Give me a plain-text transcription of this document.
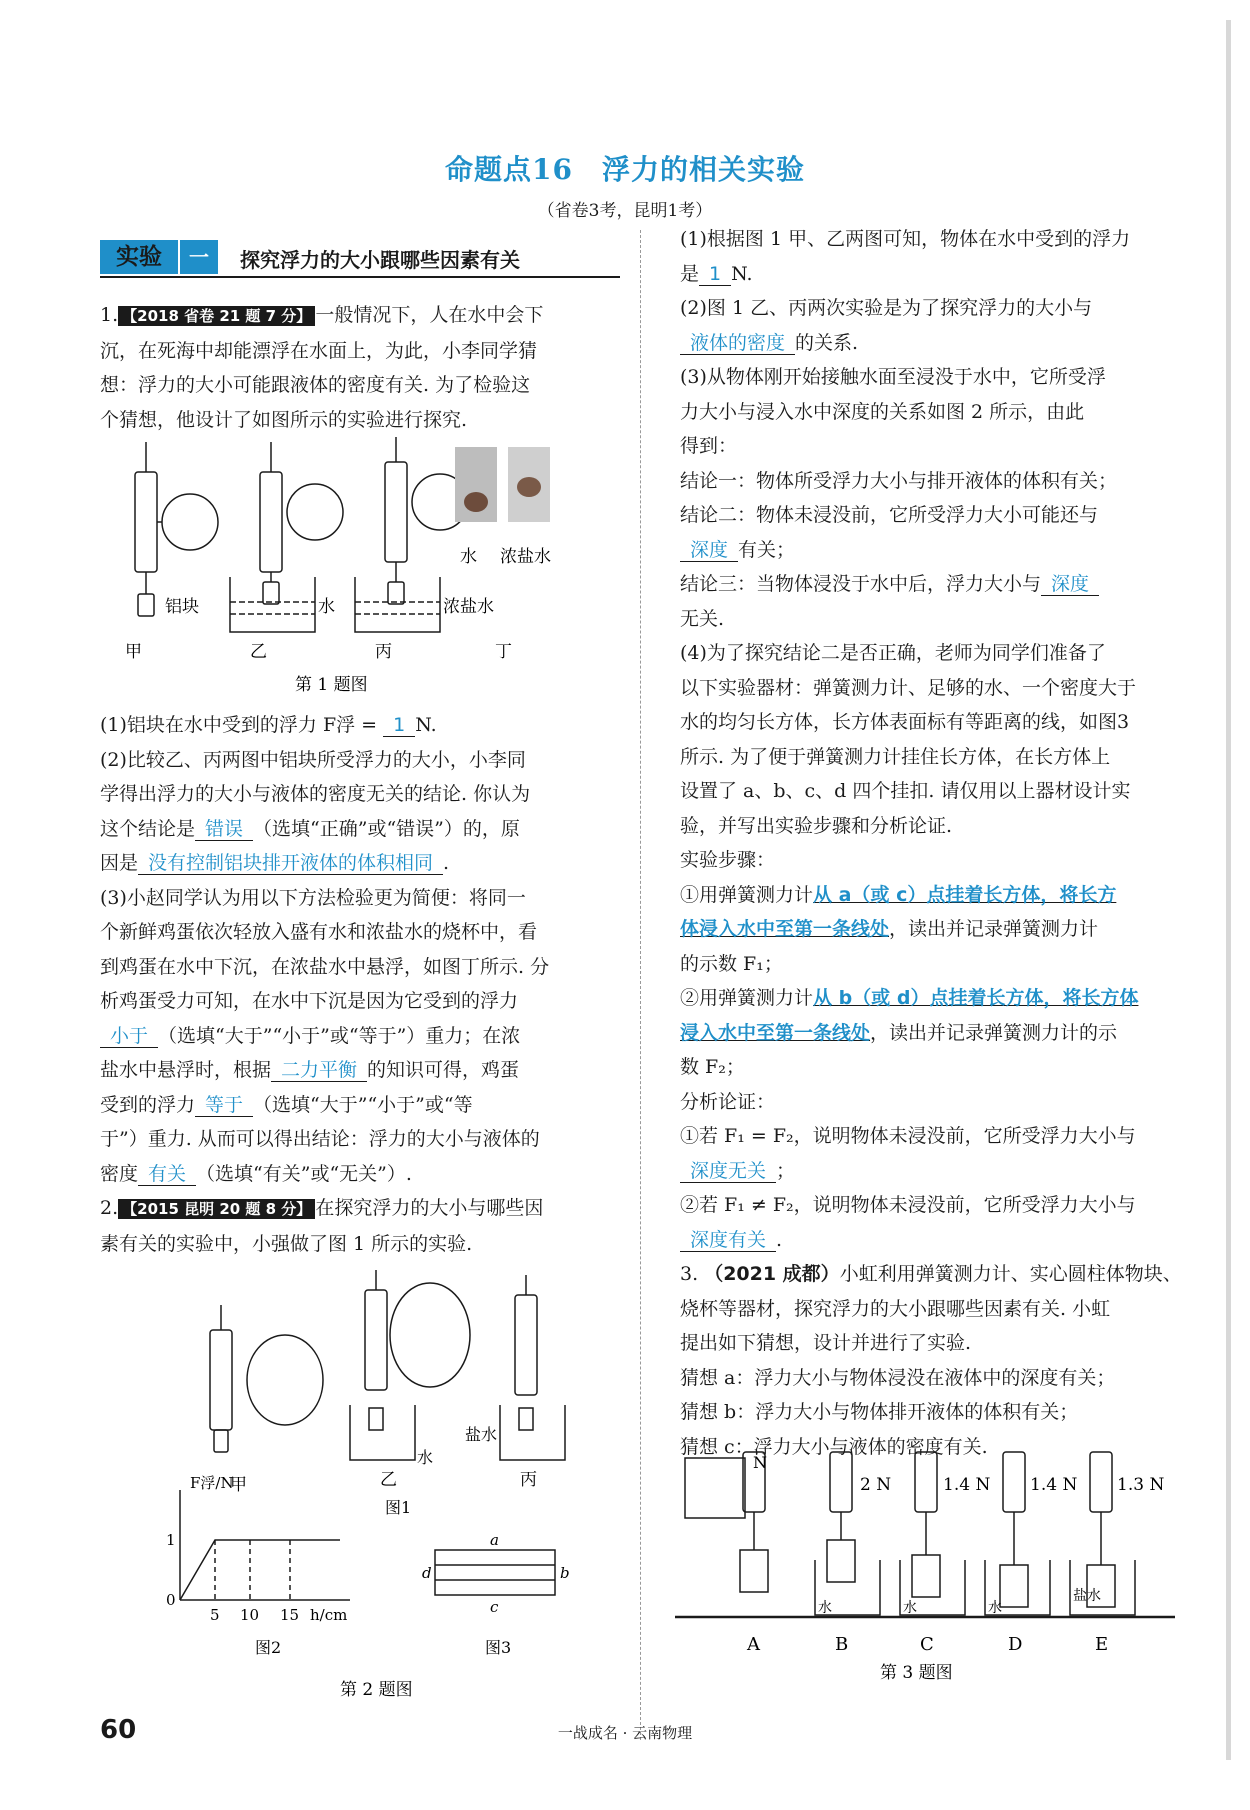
命题点16　浮力的相关实验
（省卷3考，昆明1考）
实验	一	探究浮力的大小跟哪些因素有关
1. 【2018 省卷 21 题 7 分】 一般情况下，人在水中会下
沉，在死海中却能漂浮在水面上，为此，小李同学猜
想：浮力的大小可能跟液体的密度有关. 为了检验这
个猜想，他设计了如图所示的实验进行探究.
铝块	水	浓盐水
水 浓盐水
甲	乙	丙	丁
第 1 题图
(1)铝块在水中受到的浮力 F浮 = 1 N.
(2)比较乙、丙两图中铝块所受浮力的大小，小李同
学得出浮力的大小与液体的密度无关的结论. 你认为
这个结论是 错误 （选填“正确”或“错误”）的，原
因是 没有控制铝块排开液体的体积相同 .
(3)小赵同学认为用以下方法检验更为简便：将同一
个新鲜鸡蛋依次轻放入盛有水和浓盐水的烧杯中，看
到鸡蛋在水中下沉，在浓盐水中悬浮，如图丁所示. 分
析鸡蛋受力可知，在水中下沉是因为它受到的浮力
小于 （选填“大于”“小于”或“等于”）重力；在浓
盐水中悬浮时，根据 二力平衡 的知识可得，鸡蛋
受到的浮力 等于 （选填“大于”“小于”或“等
于”）重力. 从而可以得出结论：浮力的大小与液体的
密度 有关 （选填“有关”或“无关”）.
2. 【2015 昆明 20 题 8 分】 在探究浮力的大小与哪些因
素有关的实验中，小强做了图 1 所示的实验.
甲	乙	丙
水
盐水
图1
F浮/N
1
0
5 10 15 h/cm
a
b
c
d
图2	图3
第 2 题图
(1)根据图 1 甲、乙两图可知，物体在水中受到的浮力
是 1 N.
(2)图 1 乙、丙两次实验是为了探究浮力的大小与
液体的密度 的关系.
(3)从物体刚开始接触水面至浸没于水中，它所受浮
力大小与浸入水中深度的关系如图 2 所示，由此
得到：
结论一：物体所受浮力大小与排开液体的体积有关；
结论二：物体未浸没前，它所受浮力大小可能还与
深度 有关；
结论三：当物体浸没于水中后，浮力大小与 深度
无关.
(4)为了探究结论二是否正确，老师为同学们准备了
以下实验器材：弹簧测力计、足够的水、一个密度大于
水的均匀长方体，长方体表面标有等距离的线，如图3
所示. 为了便于弹簧测力计挂住长方体，在长方体上
设置了 a、b、c、d 四个挂扣. 请仅用以上器材设计实
验，并写出实验步骤和分析论证.
实验步骤：
①用弹簧测力计从 a（或 c）点挂着长方体，将长方
体浸入水中至第一条线处，读出并记录弹簧测力计
的示数 F₁；
②用弹簧测力计从 b（或 d）点挂着长方体，将长方体
浸入水中至第一条线处，读出并记录弹簧测力计的示
数 F₂；
分析论证：
①若 F₁ = F₂，说明物体未浸没前，它所受浮力大小与
深度无关 ；
②若 F₁ ≠ F₂，说明物体未浸没前，它所受浮力大小与
深度有关 .
3. （2021 成都）小虹利用弹簧测力计、实心圆柱体物块、
烧杯等器材，探究浮力的大小跟哪些因素有关. 小虹
提出如下猜想，设计并进行了实验.
猜想 a：浮力大小与物体浸没在液体中的深度有关；
猜想 b：浮力大小与物体排开液体的体积有关；
猜想 c：浮力大小与液体的密度有关.
N
2 N	1.4 N 1.4 N 1.3 N
水	水	水
盐水
A	B	C	D	E
第 3 题图
60	一战成名 · 云南物理
